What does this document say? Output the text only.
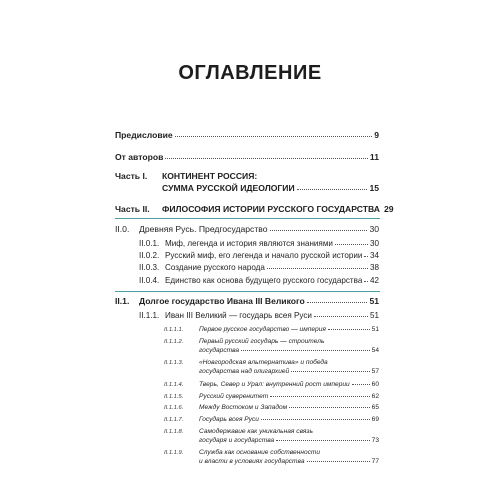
ОГЛАВЛЕНИЕ
Предисловие	9
От авторов	11
Часть I.	КОНТИНЕНТ РОССИЯ:
СУММА РУССКОЙ ИДЕОЛОГИИ	15
Часть II.	ФИЛОСОФИЯ ИСТОРИИ РУССКОГО ГОСУДАРСТВА 29
II.0.	Древняя Русь. Предгосударство	30
II.0.1. Миф, легенда и история являются знаниями	30
II.0.2. Русский миф, его легенда и начало русской истории 34
II.0.3. Создание русского народа	38
II.0.4. Единство как основа будущего русского государства 42
II.1.	Долгое государство Ивана III Великого	51
II.1.1. Иван III Великий — государь всея Руси	51
II.1.1.1.	Первое русское государство — империя	51
II.1.1.2.	Первый русский государь — строитель
государства	54
II.1.1.3.	«Новгородская альтернатива» и победа
государства над олигархией	57
II.1.1.4.	Тверь, Север и Урал: внутренний рост империи	60
II.1.1.5.	Русский суверенитет	62
II.1.1.6.	Между Востоком и Западом	65
II.1.1.7.	Государь всея Руси	69
II.1.1.8.	Самодержавие как уникальная связь
государя и государства	73
II.1.1.9.	Служба как основание собственности
и власти в условиях государства	77
